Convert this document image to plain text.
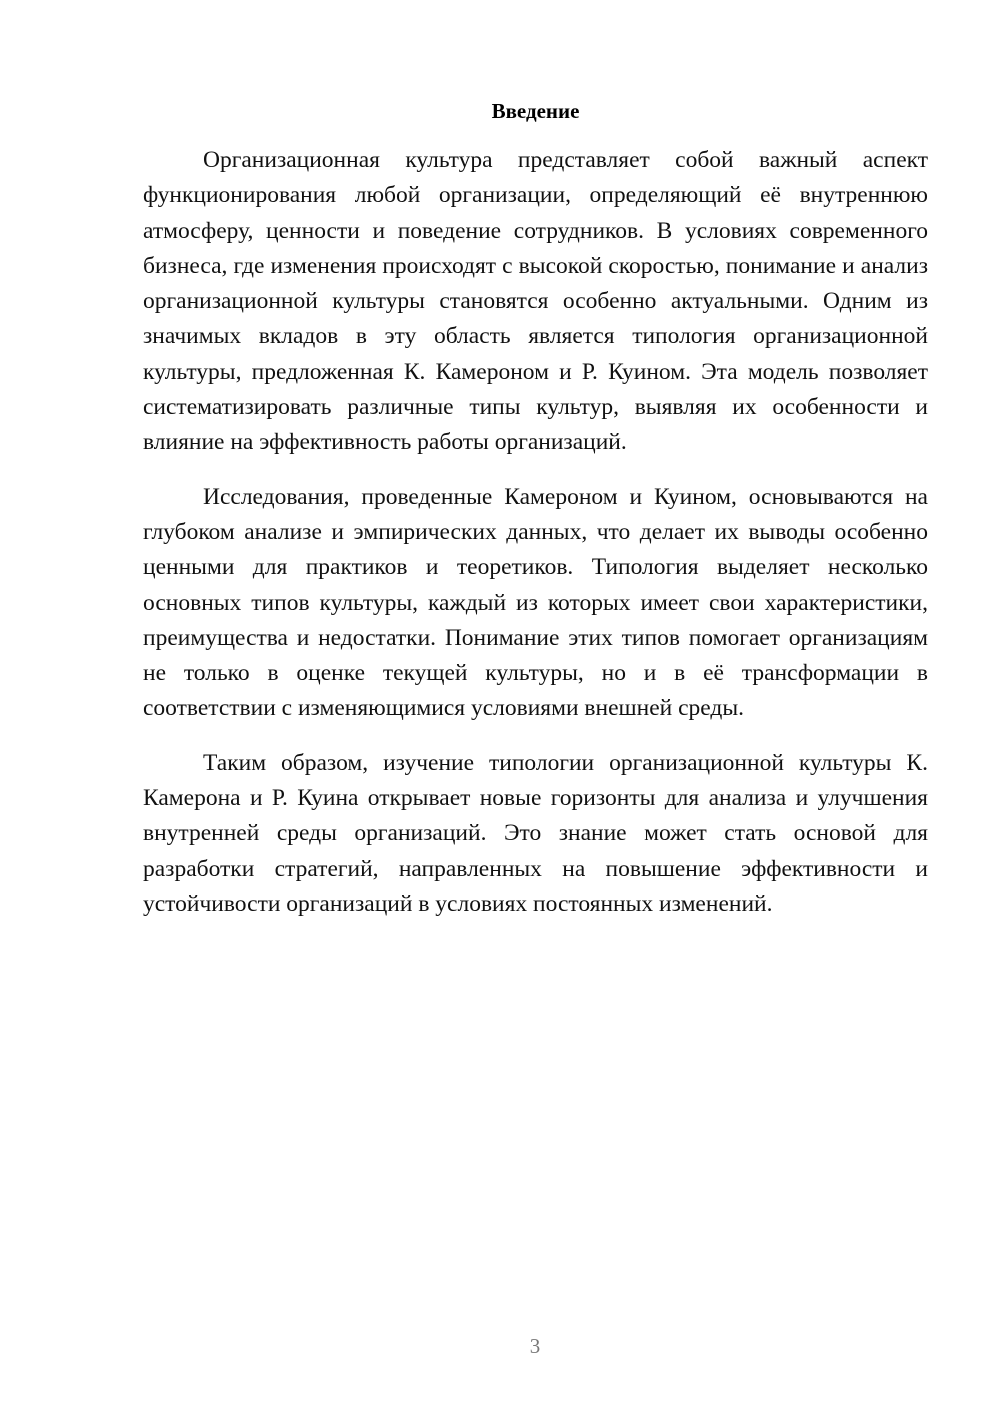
Введение

Организационная культура представляет собой важный аспект функционирования любой организации, определяющий её внутреннюю атмосферу, ценности и поведение сотрудников. В условиях современного бизнеса, где изменения происходят с высокой скоростью, понимание и анализ организационной культуры становятся особенно актуальными. Одним из значимых вкладов в эту область является типология организационной культуры, предложенная К. Камероном и Р. Куином. Эта модель позволяет систематизировать различные типы культур, выявляя их особенности и влияние на эффективность работы организаций.

Исследования, проведенные Камероном и Куином, основываются на глубоком анализе и эмпирических данных, что делает их выводы особенно ценными для практиков и теоретиков. Типология выделяет несколько основных типов культуры, каждый из которых имеет свои характеристики, преимущества и недостатки. Понимание этих типов помогает организациям не только в оценке текущей культуры, но и в её трансформации в соответствии с изменяющимися условиями внешней среды.

Таким образом, изучение типологии организационной культуры К. Камерона и Р. Куина открывает новые горизонты для анализа и улучшения внутренней среды организаций. Это знание может стать основой для разработки стратегий, направленных на повышение эффективности и устойчивости организаций в условиях постоянных изменений.

3
